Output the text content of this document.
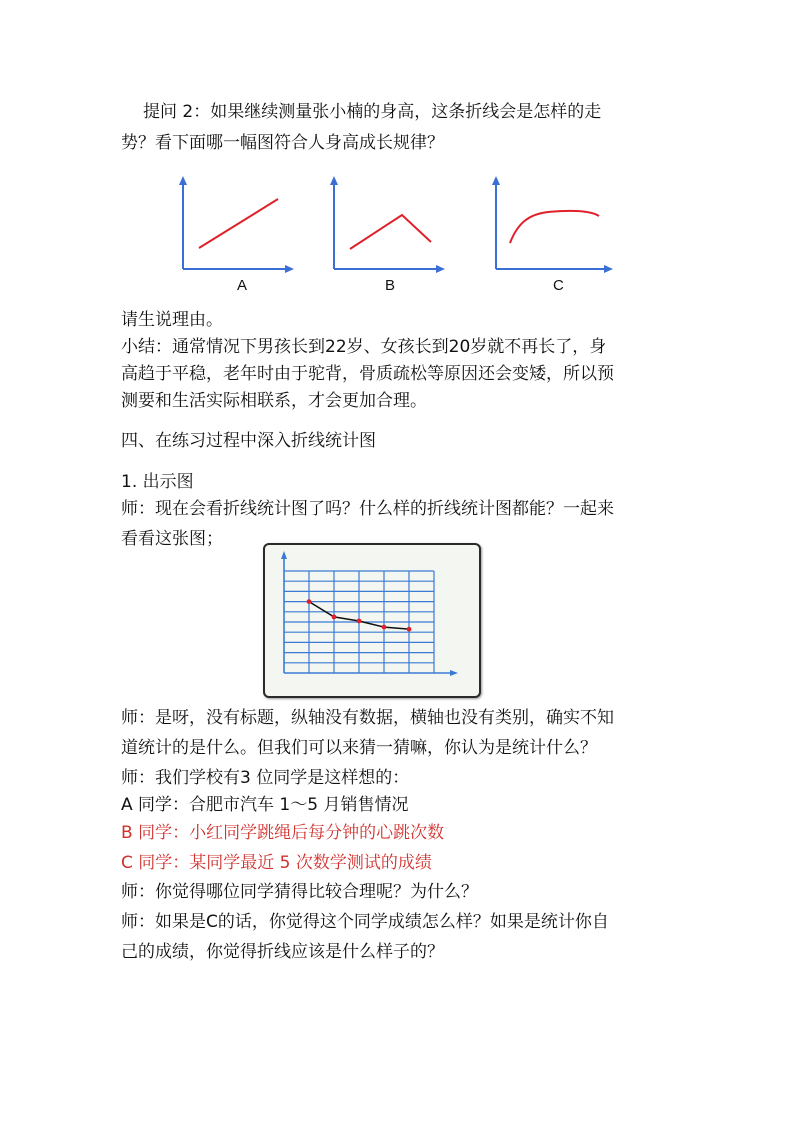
提问 2：如果继续测量张小楠的身高，这条折线会是怎样的走
势？看下面哪一幅图符合人身高成长规律？
A	B	C
请生说理由。
小结：通常情况下男孩长到22岁、女孩长到20岁就不再长了，身
高趋于平稳，老年时由于驼背，骨质疏松等原因还会变矮，所以预
测要和生活实际相联系，才会更加合理。
四、在练习过程中深入折线统计图
1. 出示图
师：现在会看折线统计图了吗？什么样的折线统计图都能？一起来
看看这张图；
师：是呀，没有标题，纵轴没有数据，横轴也没有类别，确实不知
道统计的是什么。但我们可以来猜一猜嘛，你认为是统计什么？
师：我们学校有3 位同学是这样想的：
A 同学：合肥市汽车 1～5 月销售情况
B 同学：小红同学跳绳后每分钟的心跳次数
C 同学：某同学最近 5 次数学测试的成绩
师：你觉得哪位同学猜得比较合理呢？为什么？
师：如果是C的话，你觉得这个同学成绩怎么样？如果是统计你自
己的成绩，你觉得折线应该是什么样子的？
